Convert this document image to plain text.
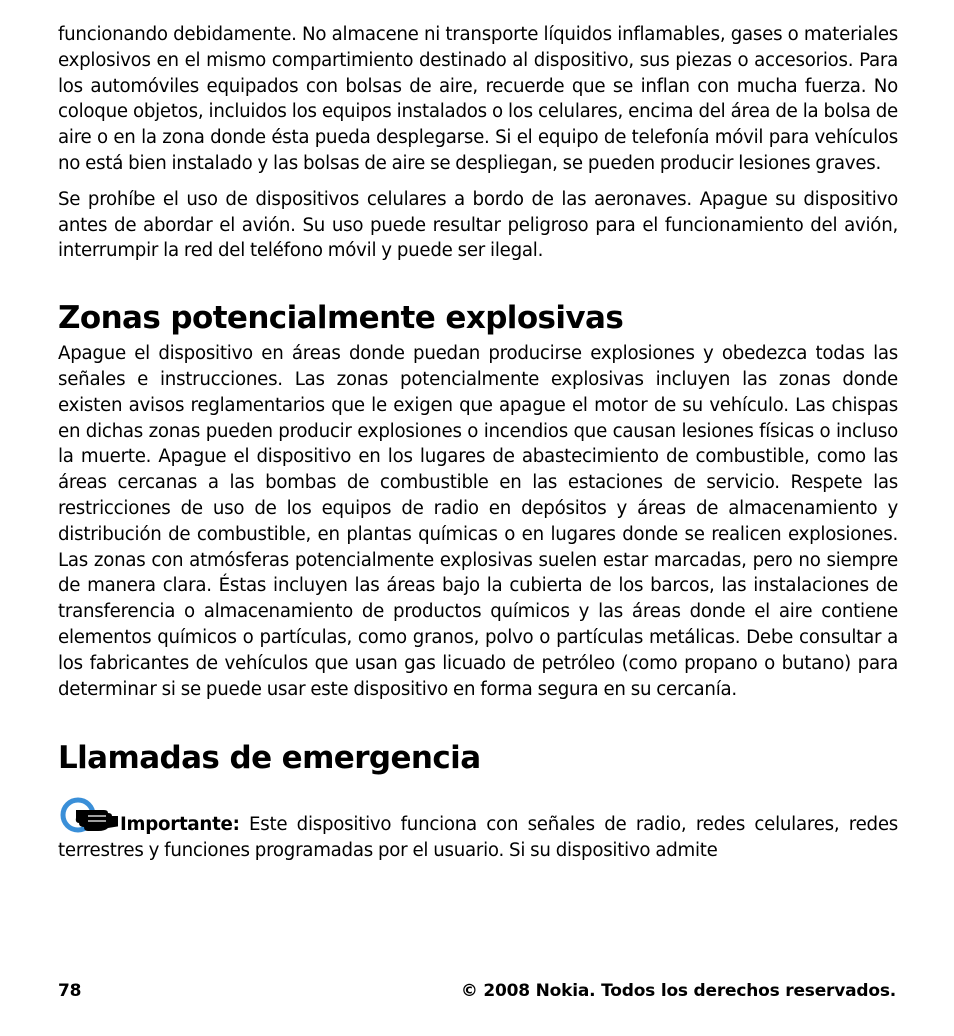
funcionando debidamente. No almacene ni transporte líquidos inflamables, gases o materiales explosivos en el mismo compartimiento destinado al dispositivo, sus piezas o accesorios. Para los automóviles equipados con bolsas de aire, recuerde que se inflan con mucha fuerza. No coloque objetos, incluidos los equipos instalados o los celulares, encima del área de la bolsa de aire o en la zona donde ésta pueda desplegarse. Si el equipo de telefonía móvil para vehículos no está bien instalado y las bolsas de aire se despliegan, se pueden producir lesiones graves.

Se prohíbe el uso de dispositivos celulares a bordo de las aeronaves. Apague su dispositivo antes de abordar el avión. Su uso puede resultar peligroso para el funcionamiento del avión, interrumpir la red del teléfono móvil y puede ser ilegal.

Zonas potencialmente explosivas

Apague el dispositivo en áreas donde puedan producirse explosiones y obedezca todas las señales e instrucciones. Las zonas potencialmente explosivas incluyen las zonas donde existen avisos reglamentarios que le exigen que apague el motor de su vehículo. Las chispas en dichas zonas pueden producir explosiones o incendios que causan lesiones físicas o incluso la muerte. Apague el dispositivo en los lugares de abastecimiento de combustible, como las áreas cercanas a las bombas de combustible en las estaciones de servicio. Respete las restricciones de uso de los equipos de radio en depósitos y áreas de almacenamiento y distribución de combustible, en plantas químicas o en lugares donde se realicen explosiones. Las zonas con atmósferas potencialmente explosivas suelen estar marcadas, pero no siempre de manera clara. Éstas incluyen las áreas bajo la cubierta de los barcos, las instalaciones de transferencia o almacenamiento de productos químicos y las áreas donde el aire contiene elementos químicos o partículas, como granos, polvo o partículas metálicas. Debe consultar a los fabricantes de vehículos que usan gas licuado de petróleo (como propano o butano) para determinar si se puede usar este dispositivo en forma segura en su cercanía.

Llamadas de emergencia

Importante: Este dispositivo funciona con señales de radio, redes celulares, redes terrestres y funciones programadas por el usuario. Si su dispositivo admite

78	© 2008 Nokia. Todos los derechos reservados.
